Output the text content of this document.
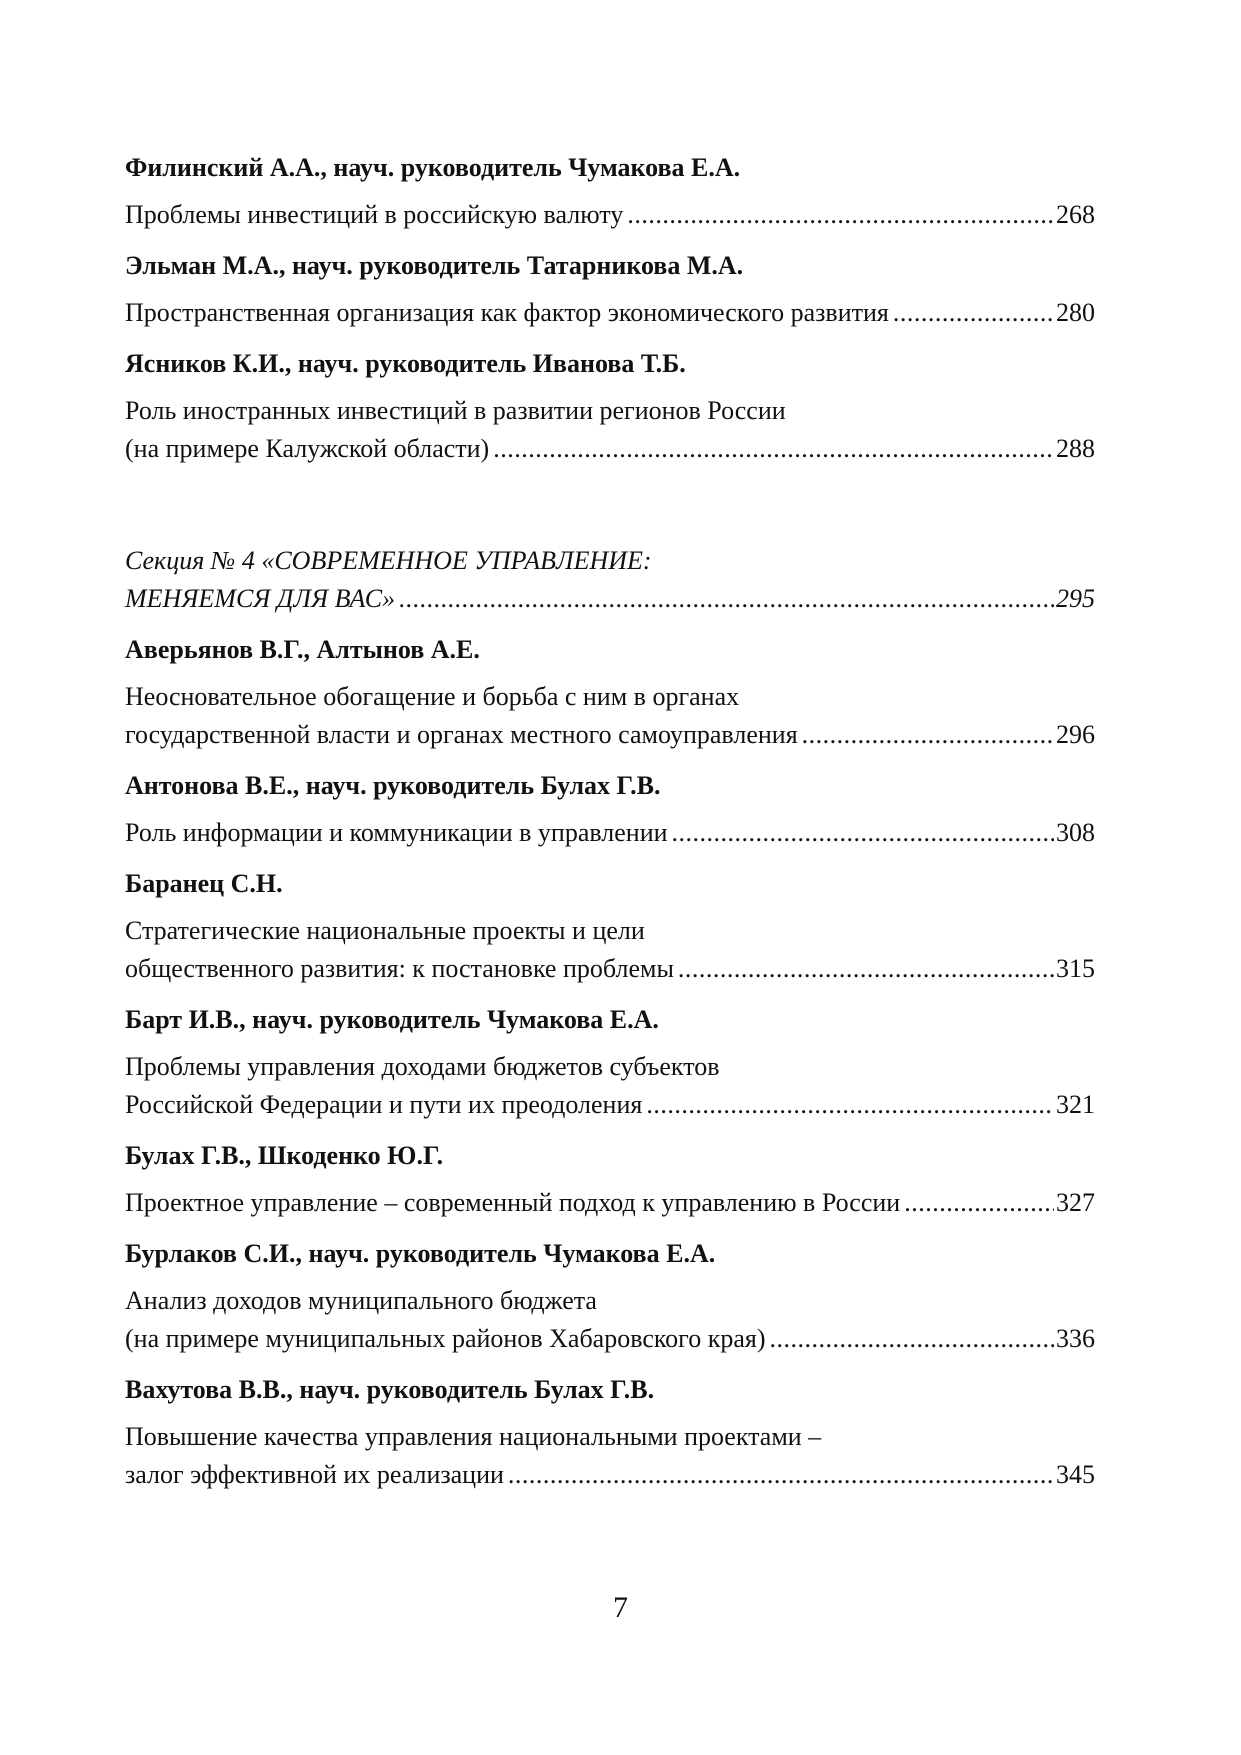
Филинский А.А., науч. руководитель Чумакова Е.А.
Проблемы инвестиций в российскую валюту . . .	268
Эльман М.А., науч. руководитель Татарникова М.А.
Пространственная организация как фактор экономического развития . . .	280
Ясников К.И., науч. руководитель Иванова Т.Б.
Роль иностранных инвестиций в развитии регионов России
(на примере Калужской области) . . .	288
Секция № 4 «СОВРЕМЕННОЕ УПРАВЛЕНИЕ:
МЕНЯЕМСЯ ДЛЯ ВАС» . . .	295
Аверьянов В.Г., Алтынов А.Е.
Неосновательное обогащение и борьба с ним в органах
государственной власти и органах местного самоуправления . . .	296
Антонова В.Е., науч. руководитель Булах Г.В.
Роль информации и коммуникации в управлении . . .	308
Баранец С.Н.
Стратегические национальные проекты и цели
общественного развития: к постановке проблемы . . .	315
Барт И.В., науч. руководитель Чумакова Е.А.
Проблемы управления доходами бюджетов субъектов
Российской Федерации и пути их преодоления . . .	321
Булах Г.В., Шкоденко Ю.Г.
Проектное управление – современный подход к управлению в России . . .	327
Бурлаков С.И., науч. руководитель Чумакова Е.А.
Анализ доходов муниципального бюджета
(на примере муниципальных районов Хабаровского края) . . .	336
Вахутова В.В., науч. руководитель Булах Г.В.
Повышение качества управления национальными проектами –
залог эффективной их реализации . . .	345
7
